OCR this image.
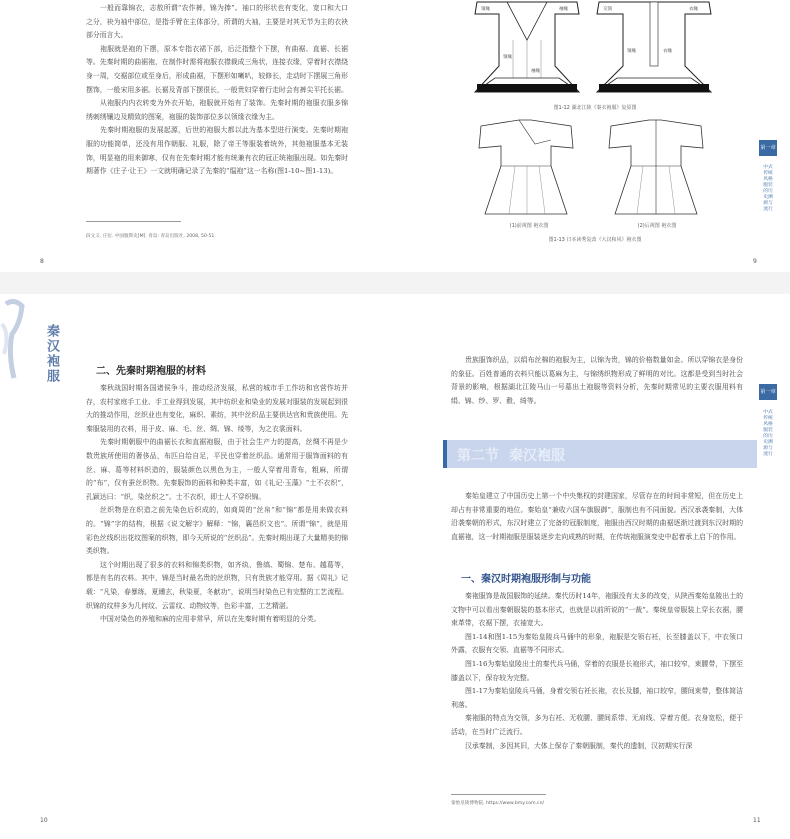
一般而靠锦衣，志敖所谓“农作裤，锦为捧”。袖口的形状也有变化，宽口和大口之分，袂为袖中部位，是指手臂在主体部分，所谓的大袖，主要是对其无节为主的衣袂部分而言大。

袍服就是袍的下摆，原本专指衣裙下部，后泛指整个下摆，有曲裾、直裾、长裾等。先秦时期的曲裾袍，在制作时需将袍服衣襟裁成三角状，连接衣缘，穿着时衣襟绕身一周，交裾部位或至身后，形成曲裾，下摆形如喇叭，较修长，走动时下摆展三角形摆饰，一般宋用多裾。长裾及背部下摆很长，一般贵妇穿着行走时会有裤尖平托长裾。

从袍服内内衣转变为外衣开始，袍服就开始有了装饰。先秦时期的袍服衣服多锦绣刺绣镶边及精致的图案，袍服的装饰部位多以领缘衣缘为主。

先秦时期袍服的发展起源，后世的袍服大都以此为基本型进行演变。先秦时期袍服的功能简单，还没有用作朝服、礼服，除了帝王等服装着统外，其他袍服基本无装饰，明显袍的用来御寒，仅有在先秦时期才能有统兼有衣的冠正统袍服出现。如先秦时期著作《庄子·让王》一文就明确记录了先秦的“缊袍”这一名称(图1-10~图1-13)。

段文义. 庄衍. 中国服饰史[M]. 青岛: 青岛出版社, 2008, 50-51.
8
领缘	袖缘
领缘
袖缘
交领	衣缘
领缘	衣缘
图1-12 湖北江陵《秦衣袍服》复原图
(1)前视图 袍衣图	(2)后视图 袍衣图
图1-13 日本读秀复改《大汉和风》袍衣图
第一章
中式传统风格服装的历史溯源与流行
9
秦汉袍服	二、先秦时期袍服的材料

秦秋战国时期各国诸侯争斗，推动经济发展，私营的城市手工作坊和官营作坊并存，农村家庭手工业、手工业得到发展，其中纺织业和染业的发展对服装的发展起到很大的推动作用，丝织业也有变化，麻织、素纺，其中丝织品主要供达官和贵族使用。先秦服装用的衣料，用于皮、麻、毛、丝、绸、锦、绫等，为之衣裳面料。

先秦时期朝服中的曲裾长衣和直裾袍服，由于社会生产力的提高，丝绸不再是少数贵族所使用的奢侈品，布匹自给自足，平民也穿着丝织品。通常用于服饰面料的有丝、麻、葛等材料织造的，服装颜色以黑色为主，一般人穿着用青布，粗麻，所谓的“布”，仅有蚕丝织物。先秦服饰的面料和种类丰富，如《礼记·玉藻》“士不衣织”，孔颖达曰：“织，染丝织之”。士不衣织，即士人不穿织锦。

丝织物是在织造之前先染色后织成的，如商周的“丝帛”和“锦”都是用来做衣料的。“锦”字的结构，根据《说文解字》解释：“锦，襄邑织文也”。所谓“锦”，就是用彩色丝线织出花纹图案的织物，即今天所说的“丝织品”。先秦时期出现了大量精美的锦类织物。

这个时期出现了很多的衣料和锦类织物，如齐纨、鲁缟、蜀锦、楚布、越葛等，都是有名的衣料。其中，锦是当时最名贵的丝织物，只有贵族才能穿用。据《周礼》记载：“凡染，春暴练，夏纁玄，秋染夏，冬献功”，说明当时染色已有完整的工艺流程。织锦的纹样多为几何纹、云雷纹、动物纹等，色彩丰富，工艺精湛。

中国对染色的养殖和麻的应用非常早，所以在先秦时期有着明显的分类。

10

贵族服饰织品，以绢布丝棉的袍服为主，以锦为贵，锦的价格数量如金。所以穿锦衣是身份的象征。百姓普通的衣料只能以葛麻为主，与锦绣织物形成了鲜明的对比。这都是受到当时社会背景的影响，根据湖北江陵马山一号墓出土袍服等资料分析，先秦时期常见的主要衣服用料有绢、锦、纱、罗、縠、绮等。

第二节 秦汉袍服

秦始皇建立了中国历史上第一个中央集权的封建国家，尽管存在的时间非常短，但在历史上却占有非常重要的地位。秦始皇“兼收六国车旗服御”，服制也有不同面貌。西汉承袭秦制，大体沿袭秦朝的形式，东汉时建立了完备的冠服制度，袍服由西汉时期的曲裾逐渐过渡到东汉时期的直裾袍，这一时期袍服是服装逐步走向成熟的时期，在传统袍服演变史中起着承上启下的作用。

一、秦汉时期袍服形制与功能

秦袍服饰是战国服饰的延续。秦代历时14年，袍服没有太多的改变，从陕西秦始皇陵出土的文物中可以看出秦朝服装的基本形式，也就是以前所说的“一裁”。秦统皇帝服装上穿长衣裾，腰束革带，衣裾下摆，衣袖宽大。

图1-14和图1-15为秦始皇陵兵马俑中的形象，袍服是交领右衽，长至膝盖以下，中衣领口外露，衣服有交领、直裾等不同形式。

图1-16为秦始皇陵出土的秦代兵马俑，穿着的衣服是长袍形式，袖口较窄，束腰带，下摆至膝盖以下，保存较为完整。

图1-17为秦始皇陵兵马俑，身着交领右衽长袍，衣长及膝，袖口较窄，腰间束带，整体简洁利落。

秦袍服的特点为交领，多为右衽、无收腰、腰间系带、无肩线、穿着方便。衣身宽松，便于活动，在当时广泛流行。

汉承秦制，多因其旧，大体上保存了秦朝服制，秦代的遗制，汉初期实行深

秦始皇陵博物院. https://www.bmy.com.cn/
第一章
中式传统风格服装的历史溯源与流行
11
